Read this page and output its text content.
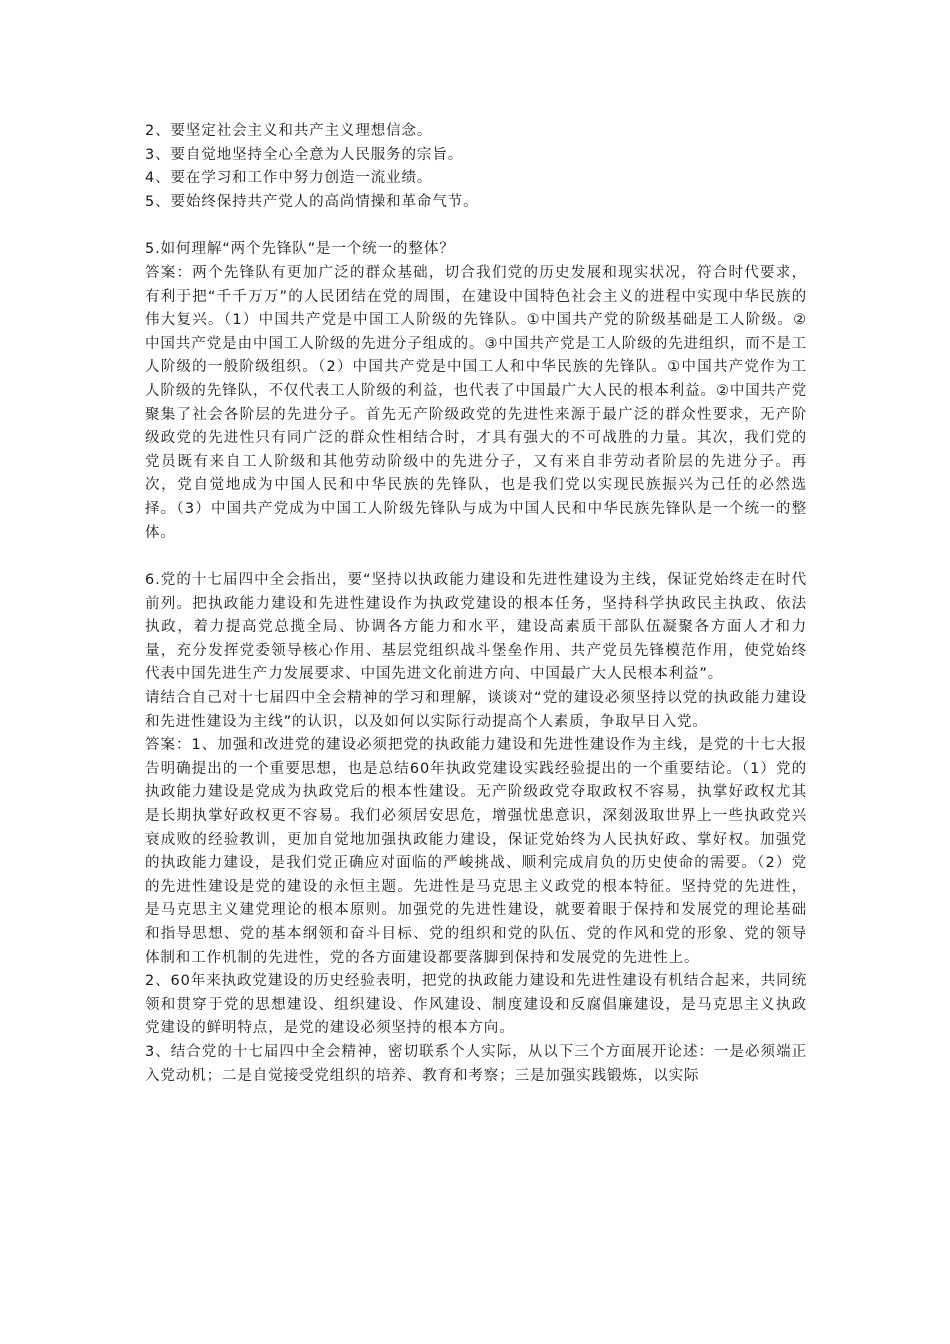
2、要坚定社会主义和共产主义理想信念。

3、要自觉地坚持全心全意为人民服务的宗旨。

4、要在学习和工作中努力创造一流业绩。

5、要始终保持共产党人的高尚情操和革命气节。

5.如何理解“两个先锋队”是一个统一的整体？

答案：两个先锋队有更加广泛的群众基础，切合我们党的历史发展和现实状况，符合时代要求，有利于把“千千万万”的人民团结在党的周围，在建设中国特色社会主义的进程中实现中华民族的伟大复兴。（1）中国共产党是中国工人阶级的先锋队。①中国共产党的阶级基础是工人阶级。②中国共产党是由中国工人阶级的先进分子组成的。③中国共产党是工人阶级的先进组织，而不是工人阶级的一般阶级组织。（2）中国共产党是中国工人和中华民族的先锋队。①中国共产党作为工人阶级的先锋队，不仅代表工人阶级的利益，也代表了中国最广大人民的根本利益。②中国共产党聚集了社会各阶层的先进分子。首先无产阶级政党的先进性来源于最广泛的群众性要求，无产阶级政党的先进性只有同广泛的群众性相结合时，才具有强大的不可战胜的力量。其次，我们党的党员既有来自工人阶级和其他劳动阶级中的先进分子，又有来自非劳动者阶层的先进分子。再次，党自觉地成为中国人民和中华民族的先锋队，也是我们党以实现民族振兴为己任的必然选择。（3）中国共产党成为中国工人阶级先锋队与成为中国人民和中华民族先锋队是一个统一的整体。

6.党的十七届四中全会指出，要“坚持以执政能力建设和先进性建设为主线，保证党始终走在时代前列。把执政能力建设和先进性建设作为执政党建设的根本任务，坚持科学执政民主执政、依法执政，着力提高党总揽全局、协调各方能力和水平，建设高素质干部队伍凝聚各方面人才和力量，充分发挥党委领导核心作用、基层党组织战斗堡垒作用、共产党员先锋模范作用，使党始终代表中国先进生产力发展要求、中国先进文化前进方向、中国最广大人民根本利益”。

请结合自己对十七届四中全会精神的学习和理解，谈谈对“党的建设必须坚持以党的执政能力建设和先进性建设为主线”的认识，以及如何以实际行动提高个人素质，争取早日入党。

答案：1、加强和改进党的建设必须把党的执政能力建设和先进性建设作为主线，是党的十七大报告明确提出的一个重要思想，也是总结60年执政党建设实践经验提出的一个重要结论。（1）党的执政能力建设是党成为执政党后的根本性建设。无产阶级政党夺取政权不容易，执掌好政权尤其是长期执掌好政权更不容易。我们必须居安思危，增强忧患意识，深刻汲取世界上一些执政党兴衰成败的经验教训，更加自觉地加强执政能力建设，保证党始终为人民执好政、掌好权。加强党的执政能力建设，是我们党正确应对面临的严峻挑战、顺利完成肩负的历史使命的需要。（2）党的先进性建设是党的建设的永恒主题。先进性是马克思主义政党的根本特征。坚持党的先进性，是马克思主义建党理论的根本原则。加强党的先进性建设，就要着眼于保持和发展党的理论基础和指导思想、党的基本纲领和奋斗目标、党的组织和党的队伍、党的作风和党的形象、党的领导体制和工作机制的先进性，党的各方面建设都要落脚到保持和发展党的先进性上。

2、60年来执政党建设的历史经验表明，把党的执政能力建设和先进性建设有机结合起来，共同统领和贯穿于党的思想建设、组织建设、作风建设、制度建设和反腐倡廉建设，是马克思主义执政党建设的鲜明特点，是党的建设必须坚持的根本方向。

3、结合党的十七届四中全会精神，密切联系个人实际，从以下三个方面展开论述：一是必须端正入党动机；二是自觉接受党组织的培养、教育和考察；三是加强实践锻炼，以实际
